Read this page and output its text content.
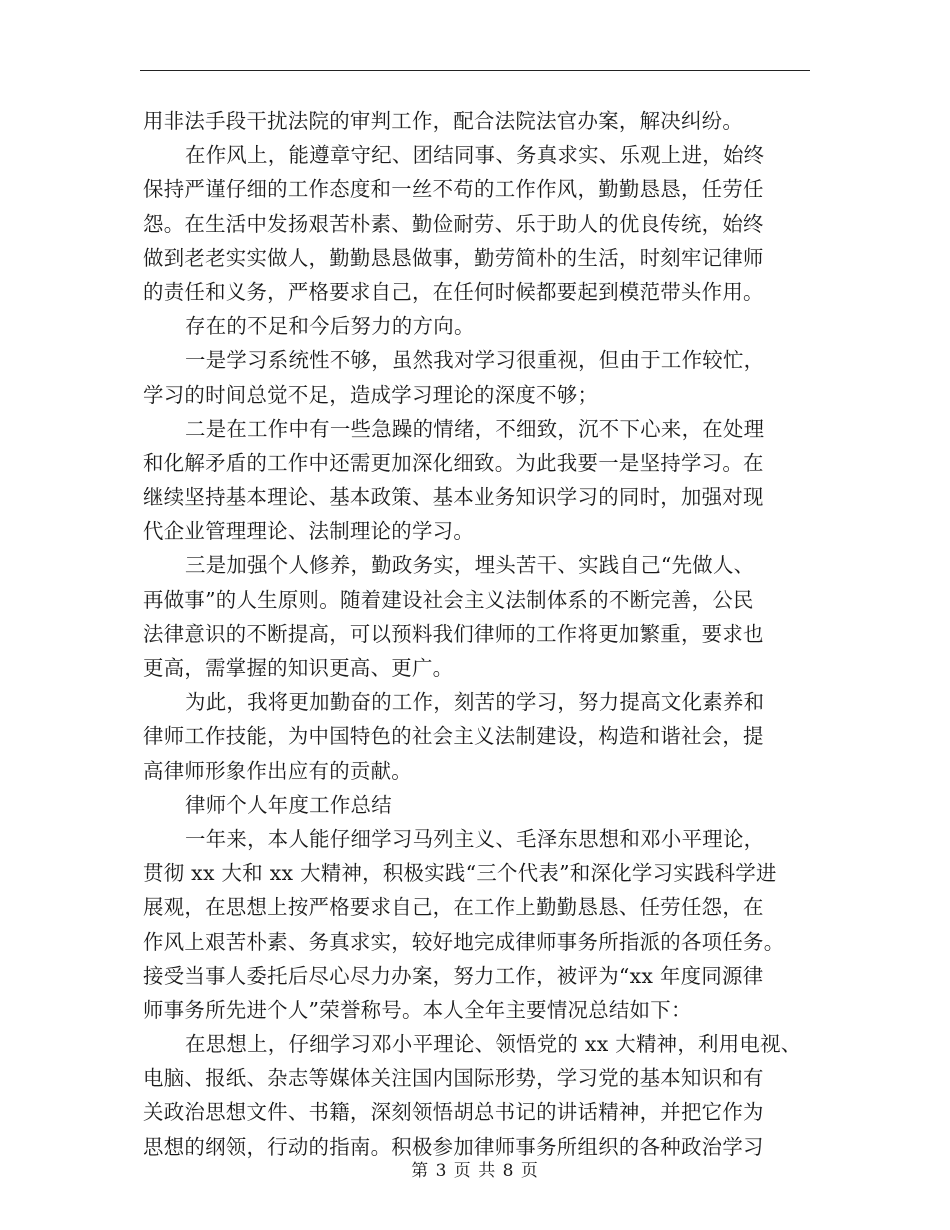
用非法手段干扰法院的审判工作，配合法院法官办案，解决纠纷。
在作风上，能遵章守纪、团结同事、务真求实、乐观上进，始终
保持严谨仔细的工作态度和一丝不苟的工作作风，勤勤恳恳，任劳任
怨。在生活中发扬艰苦朴素、勤俭耐劳、乐于助人的优良传统，始终
做到老老实实做人，勤勤恳恳做事，勤劳简朴的生活，时刻牢记律师
的责任和义务，严格要求自己，在任何时候都要起到模范带头作用。
存在的不足和今后努力的方向。
一是学习系统性不够，虽然我对学习很重视，但由于工作较忙，
学习的时间总觉不足，造成学习理论的深度不够；
二是在工作中有一些急躁的情绪，不细致，沉不下心来，在处理
和化解矛盾的工作中还需更加深化细致。为此我要一是坚持学习。在
继续坚持基本理论、基本政策、基本业务知识学习的同时，加强对现
代企业管理理论、法制理论的学习。
三是加强个人修养，勤政务实，埋头苦干、实践自己“先做人、
再做事”的人生原则。随着建设社会主义法制体系的不断完善，公民
法律意识的不断提高，可以预料我们律师的工作将更加繁重，要求也
更高，需掌握的知识更高、更广。
为此，我将更加勤奋的工作，刻苦的学习，努力提高文化素养和
律师工作技能，为中国特色的社会主义法制建设，构造和谐社会，提
高律师形象作出应有的贡献。
律师个人年度工作总结
一年来，本人能仔细学习马列主义、毛泽东思想和邓小平理论，
贯彻 xx 大和 xx 大精神，积极实践“三个代表”和深化学习实践科学进
展观，在思想上按严格要求自己，在工作上勤勤恳恳、任劳任怨，在
作风上艰苦朴素、务真求实，较好地完成律师事务所指派的各项任务。
接受当事人委托后尽心尽力办案，努力工作，被评为“xx 年度同源律
师事务所先进个人”荣誉称号。本人全年主要情况总结如下：
在思想上，仔细学习邓小平理论、领悟党的 xx 大精神，利用电视、
电脑、报纸、杂志等媒体关注国内国际形势，学习党的基本知识和有
关政治思想文件、书籍，深刻领悟胡总书记的讲话精神，并把它作为
思想的纲领，行动的指南。积极参加律师事务所组织的各种政治学习
第 3 页 共 8 页
